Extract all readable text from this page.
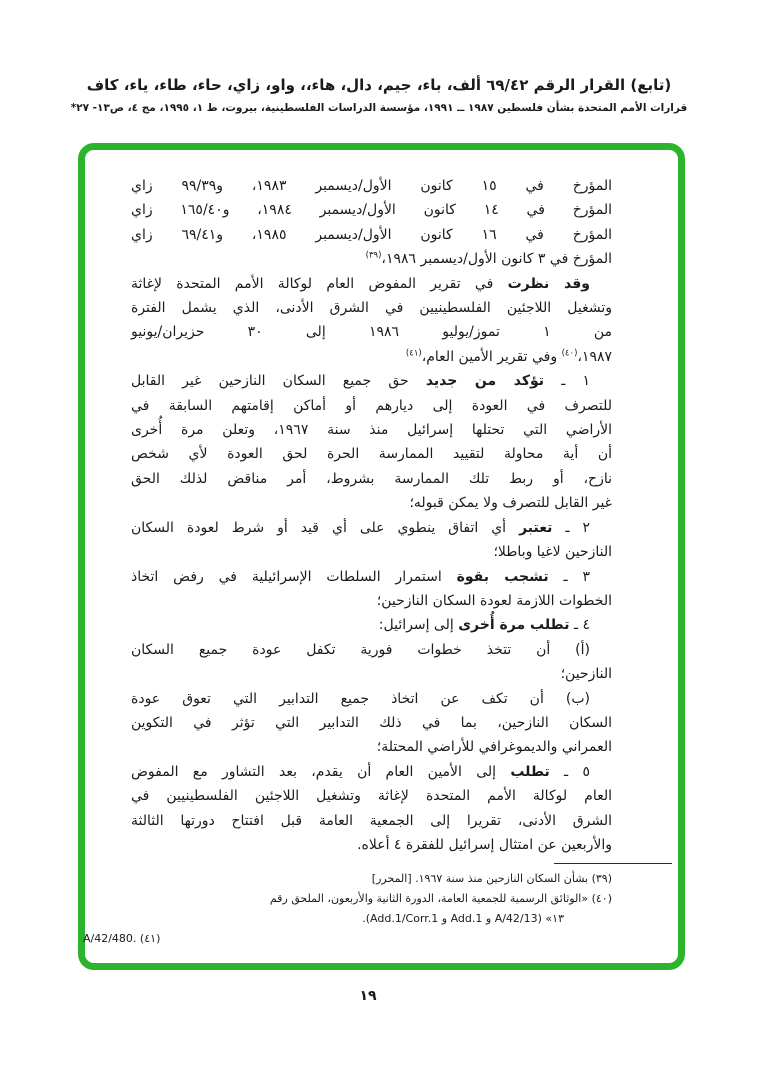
(تابع) القرار الرقم ٦٩/٤٢ ألف، باء، جيم، دال، هاء،، واو، زاي، حاء، طاء، ياء، كاف
قرارات الأمم المتحدة بشأن فلسطين ١٩٨٧ ــ ١٩٩١، مؤسسة الدراسات الفلسطينية، بيروت، ط ١، ١٩٩٥، مج ٤، ص١٣- ٢٧*
المؤرخ في ١٥ كانون الأول/ديسمبر ١٩٨٣، و٩٩/٣٩ زاي
المؤرخ في ١٤ كانون الأول/ديسمبر ١٩٨٤، و١٦٥/٤٠ زاي
المؤرخ في ١٦ كانون الأول/ديسمبر ١٩٨٥، و٦٩/٤١ زاي
المؤرخ في ٣ كانون الأول/ديسمبر ١٩٨٦،$^{(٣٩)}$
وقد نظرت في تقرير المفوض العام لوكالة الأمم المتحدة لإغاثة
وتشغيل اللاجئين الفلسطينيين في الشرق الأدنى، الذي يشمل الفترة
من ١ تموز/يوليو ١٩٨٦ إلى ٣٠ حزيران/يونيو
١٩٨٧،$^{(٤٠)}$ وفي تقرير الأمين العام،$^{(٤١)}$
١ ـ تؤكد من جديد حق جميع السكان النازحين غير القابل
للتصرف في العودة إلى ديارهم أو أماكن إقامتهم السابقة في
الأراضي التي تحتلها إسرائيل منذ سنة ١٩٦٧، وتعلن مرة أُخرى
أن أية محاولة لتقييد الممارسة الحرة لحق العودة لأي شخص
نازح، أو ربط تلك الممارسة بشروط، أمر مناقض لذلك الحق
غير القابل للتصرف ولا يمكن قبوله؛
٢ ـ تعتبر أي اتفاق ينطوي على أي قيد أو شرط لعودة السكان
النازحين لاغيا وباطلا؛
٣ ـ تشجب بقوة استمرار السلطات الإسرائيلية في رفض اتخاذ
الخطوات اللازمة لعودة السكان النازحين؛
٤ ـ تطلب مرة أُخرى إلى إسرائيل:
(أ) أن تتخذ خطوات فورية تكفل عودة جميع السكان
النازحين؛
(ب) أن تكف عن اتخاذ جميع التدابير التي تعوق عودة
السكان النازحين، بما في ذلك التدابير التي تؤثر في التكوين
العمراني والديموغرافي للأراضي المحتلة؛
٥ ـ تطلب إلى الأمين العام أن يقدم، بعد التشاور مع المفوض
العام لوكالة الأمم المتحدة لإغاثة وتشغيل اللاجئين الفلسطينيين في
الشرق الأدنى، تقريرا إلى الجمعية العامة قبل افتتاح دورتها الثالثة
والأربعين عن امتثال إسرائيل للفقرة ٤ أعلاه.
(٣٩) بشأن السكان النازحين منذ سنة ١٩٦٧. [المحرر]
(٤٠) «الوثائق الرسمية للجمعية العامة، الدورة الثانية والأربعون، الملحق رقم
١٣» (A/42/13 و Add.1 و Add.1/Corr.1).
(٤١) A/42/480.‎
١٩
